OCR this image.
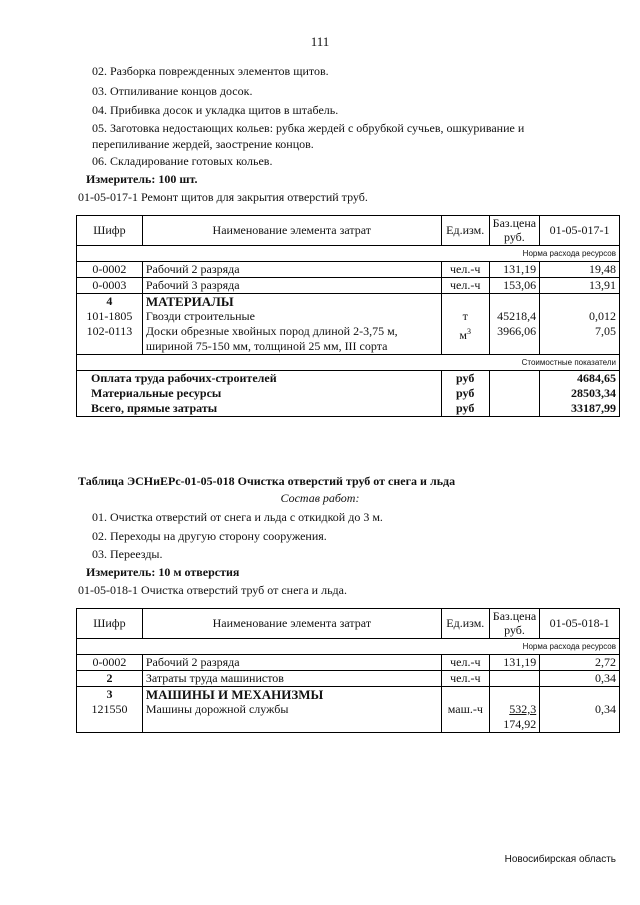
111
02. Разборка поврежденных элементов щитов.
03. Отпиливание концов досок.
04. Прибивка досок и укладка щитов в штабель.
05. Заготовка недостающих кольев: рубка жердей с обрубкой сучьев, ошкуривание и
перепиливание жердей, заострение концов.
06. Складирование готовых кольев.
Измеритель: 100 шт.
01-05-017-1 Ремонт щитов для закрытия отверстий труб.
Шифр	Наименование элемента затрат	Ед.изм.	Баз.цена
руб.	01-05-017-1
Норма расхода ресурсов				
0-0002	Рабочий 2 разряда	чел.-ч	131,19	19,48
0-0003	Рабочий 3 разряда	чел.-ч	153,06	13,91
4	МАТЕРИАЛЫ			
101-1805	Гвозди строительные	т	45218,4	0,012
102-0113	Доски обрезные хвойных пород длиной 2-3,75 м,
шириной 75-150 мм, толщиной 25 мм, III сорта	$м^3$	3966,06	7,05
Стоимостные показатели				
Оплата труда рабочих-строителей		руб		4684,65
Материальные ресурсы		руб		28503,34
Всего, прямые затраты		руб		33187,99
Таблица ЭСНиЕРс-01-05-018 Очистка отверстий труб от снега и льда
Состав работ:
01. Очистка отверстий от снега и льда с откидкой до 3 м.
02. Переходы на другую сторону сооружения.
03. Переезды.
Измеритель: 10 м отверстия
01-05-018-1 Очистка отверстий труб от снега и льда.
Шифр	Наименование элемента затрат	Ед.изм.	Баз.цена
руб.	01-05-018-1
Норма расхода ресурсов				
0-0002	Рабочий 2 разряда	чел.-ч	131,19	2,72
2	Затраты труда машинистов	чел.-ч		0,34
3	МАШИНЫ И МЕХАНИЗМЫ			
121550	Машины дорожной службы	маш.-ч	532,3
174,92	0,34
Новосибирская область
